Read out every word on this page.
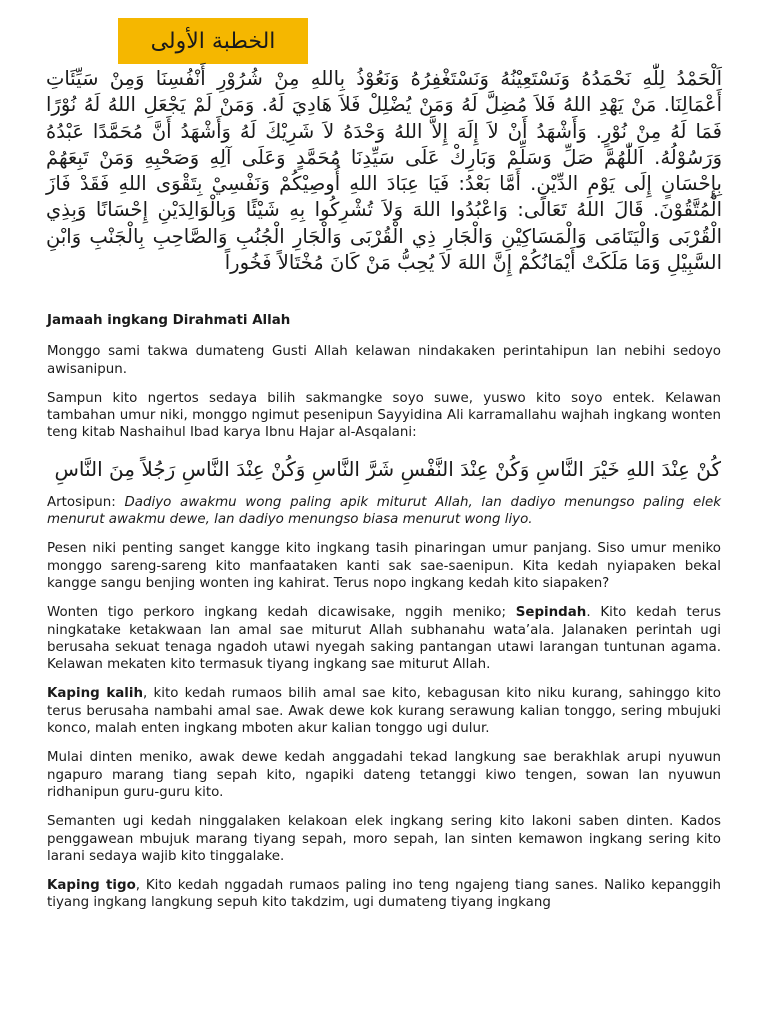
الخطبة الأولى
اَلْحَمْدُ لِلّٰهِ نَحْمَدُهُ وَنَسْتَعِيْنُهُ وَنَسْتَغْفِرُهُ وَنَعُوْذُ بِاللهِ مِنْ شُرُوْرِ أَنْفُسِنَا وَمِنْ سَيِّئَاتِ أَعْمَالِنَا. مَنْ يَهْدِ اللهُ فَلاَ مُضِلَّ لَهُ وَمَنْ يُضْلِلْ فَلاَ هَادِيَ لَهُ. وَمَنْ لَمْ يَجْعَلِ اللهُ لَهُ نُوْرًا فَمَا لَهُ مِنْ نُوْرٍ. وَأَشْهَدُ أَنْ لاَ إِلَهَ إِلاَّ اللهُ وَحْدَهُ لاَ شَرِيْكَ لَهُ وَأَشْهَدُ أَنَّ مُحَمَّدًا عَبْدُهُ وَرَسُوْلُهُ. اَللّٰهُمَّ صَلِّ وَسَلِّمْ وَبَارِكْ عَلَى سَيِّدِنَا مُحَمَّدٍ وَعَلَى آلِهِ وَصَحْبِهِ وَمَنْ تَبِعَهُمْ بِإِحْسَانٍ إِلَى يَوْمِ الدِّيْنِ. أَمَّا بَعْدُ: فَيَا عِبَادَ اللهِ أُوصِيْكُمْ وَنَفْسِيْ بِتَقْوَى اللهِ فَقَدْ فَازَ الْمُتَّقُوْنَ. قَالَ اللهُ تَعَالَى: وَاعْبُدُوا اللهَ وَلاَ تُشْرِكُوا بِهِ شَيْئًا وَبِالْوَالِدَيْنِ إِحْسَانًا وَبِذِي الْقُرْبَى وَالْيَتَامَى وَالْمَسَاكِيْنِ وَالْجَارِ ذِي الْقُرْبَى وَالْجَارِ الْجُنُبِ وَالصَّاحِبِ بِالْجَنْبِ وَابْنِ السَّبِيْلِ وَمَا مَلَكَتْ أَيْمَانُكُمْ إِنَّ اللهَ لاَ يُحِبُّ مَنْ كَانَ مُخْتَالاً فَخُوراً

Jamaah ingkang Dirahmati Allah

Monggo sami takwa dumateng Gusti Allah kelawan nindakaken perintahipun lan nebihi sedoyo awisanipun.

Sampun kito ngertos sedaya bilih sakmangke soyo suwe, yuswo kito soyo entek. Kelawan tambahan umur niki, monggo ngimut pesenipun Sayyidina Ali karramallahu wajhah ingkang wonten teng kitab Nashaihul Ibad karya Ibnu Hajar al-Asqalani:

كُنْ عِنْدَ اللهِ خَيْرَ النَّاسِ وَكُنْ عِنْدَ النَّفْسِ شَرَّ النَّاسِ وَكُنْ عِنْدَ النَّاسِ رَجُلاً مِنَ النَّاسِ

Artosipun: Dadiyo awakmu wong paling apik miturut Allah, lan dadiyo menungso paling elek menurut awakmu dewe, lan dadiyo menungso biasa menurut wong liyo.

Pesen niki penting sanget kangge kito ingkang tasih pinaringan umur panjang. Siso umur meniko monggo sareng-sareng kito manfaataken kanti sak sae-saenipun. Kita kedah nyiapaken bekal kangge sangu benjing wonten ing kahirat. Terus nopo ingkang kedah kito siapaken?

Wonten tigo perkoro ingkang kedah dicawisake, nggih meniko; Sepindah. Kito kedah terus ningkatake ketakwaan lan amal sae miturut Allah subhanahu wata’ala. Jalanaken perintah ugi berusaha sekuat tenaga ngadoh utawi nyegah saking pantangan utawi larangan tuntunan agama. Kelawan mekaten kito termasuk tiyang ingkang sae miturut Allah.

Kaping kalih, kito kedah rumaos bilih amal sae kito, kebagusan kito niku kurang, sahinggo kito terus berusaha nambahi amal sae. Awak dewe kok kurang serawung kalian tonggo, sering mbujuki konco, malah enten ingkang mboten akur kalian tonggo ugi dulur.

Mulai dinten meniko, awak dewe kedah anggadahi tekad langkung sae berakhlak arupi nyuwun ngapuro marang tiang sepah kito, ngapiki dateng tetanggi kiwo tengen, sowan lan nyuwun ridhanipun guru-guru kito.

Semanten ugi kedah ninggalaken kelakoan elek ingkang sering kito lakoni saben dinten. Kados penggawean mbujuk marang tiyang sepah, moro sepah, lan sinten kemawon ingkang sering kito larani sedaya wajib kito tinggalake.

Kaping tigo, Kito kedah nggadah rumaos paling ino teng ngajeng tiang sanes. Naliko kepanggih tiyang ingkang langkung sepuh kito takdzim, ugi dumateng tiyang ingkang
